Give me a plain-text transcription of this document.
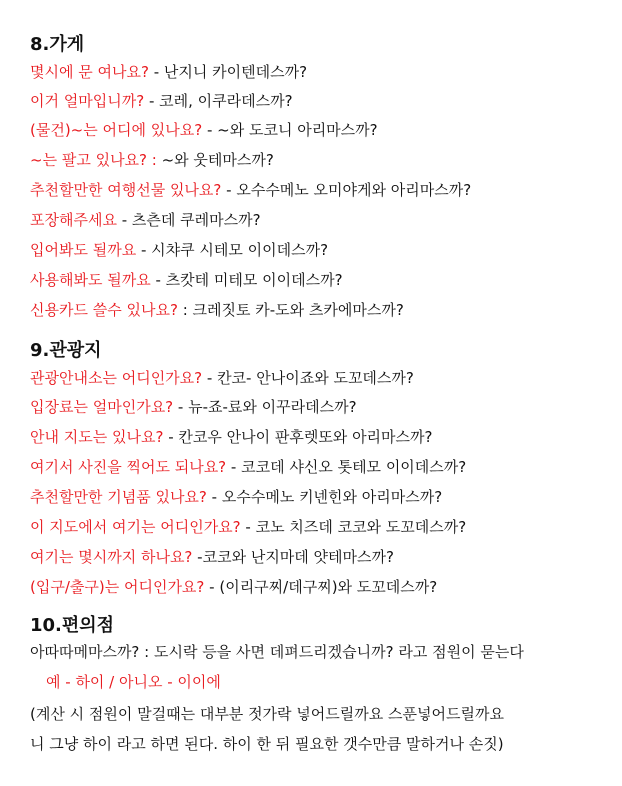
8.가게
몇시에 문 여나요? - 난지니 카이텐데스까?
이거 얼마입니까? - 코레, 이쿠라데스까?
(물건)~는 어디에 있나요? - ~와 도코니 아리마스까?
~는 팔고 있나요? : ~와 웃테마스까?
추천할만한 여행선물 있나요? - 오수수메노 오미야게와 아리마스까?
포장해주세요 - 츠츤데 쿠레마스까?
입어봐도 될까요 - 시챠쿠 시테모 이이데스까?
사용해봐도 될까요 - 츠캇테 미테모 이이데스까?
신용카드 쓸수 있나요? : 크레짓토 카-도와 츠카에마스까?
9.관광지
관광안내소는 어디인가요? - 칸코- 안나이죠와 도꼬데스까?
입장료는 얼마인가요? - 뉴-죠-료와 이꾸라데스까?
안내 지도는 있나요? - 칸코우 안나이 판후렛또와 아리마스까?
여기서 사진을 찍어도 되나요? - 코코데 샤신오 톳테모 이이데스까?
추천할만한 기념품 있나요? - 오수수메노 키넨힌와 아리마스까?
이 지도에서 여기는 어디인가요? - 코노 치즈데 코코와 도꼬데스까?
여기는 몇시까지 하나요? -코코와 난지마데 얏테마스까?
(입구/출구)는 어디인가요? - (이리구찌/데구찌)와 도꼬데스까?
10.편의점
아따따메마스까? : 도시락 등을 사면 데펴드리겠습니까? 라고 점원이 묻는다
예 - 하이 / 아니오 - 이이에
(계산 시 점원이 말걸때는 대부분 젓가락 넣어드릴까요 스푼넣어드릴까요
니 그냥 하이 라고 하면 된다. 하이 한 뒤 필요한 갯수만큼 말하거나 손짓)
